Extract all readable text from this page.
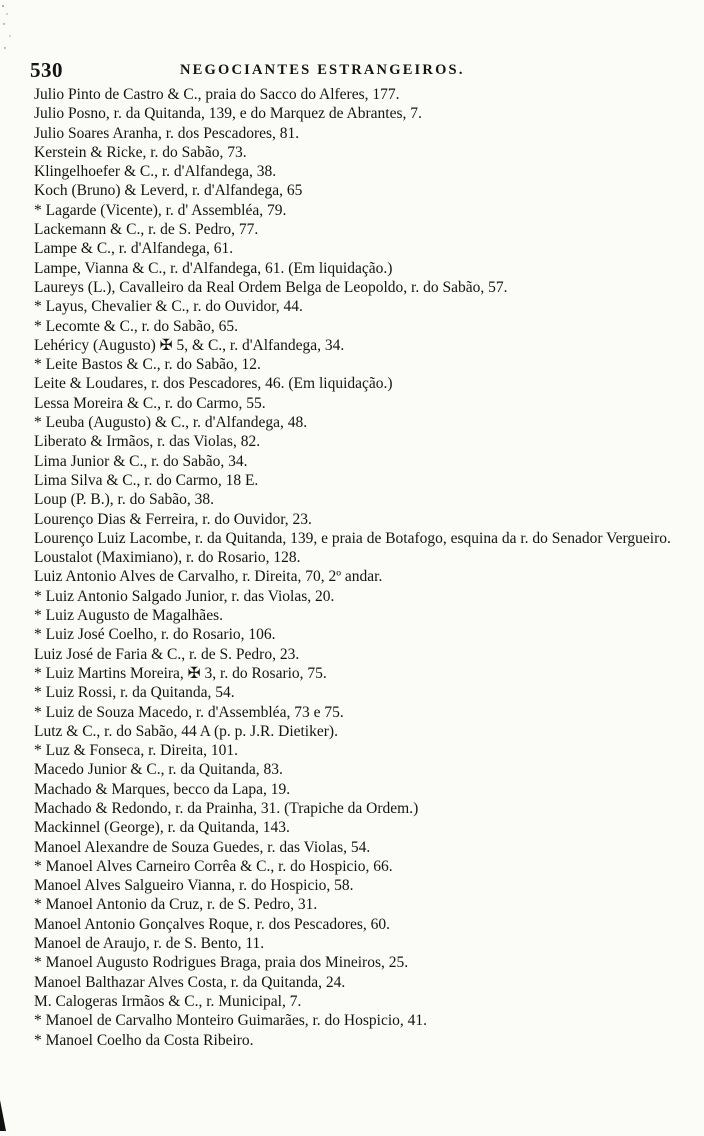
530	NEGOCIANTES ESTRANGEIROS.
Julio Pinto de Castro & C., praia do Sacco do Alferes, 177.
Julio Posno, r. da Quitanda, 139, e do Marquez de Abrantes, 7.
Julio Soares Aranha, r. dos Pescadores, 81.
Kerstein & Ricke, r. do Sabão, 73.
Klingelhoefer & C., r. d'Alfandega, 38.
Koch (Bruno) & Leverd, r. d'Alfandega, 65
* Lagarde (Vicente), r. d' Assembléa, 79.
Lackemann & C., r. de S. Pedro, 77.
Lampe & C., r. d'Alfandega, 61.
Lampe, Vianna & C., r. d'Alfandega, 61. (Em liquidação.)
Laureys (L.), Cavalleiro da Real Ordem Belga de Leopoldo, r. do Sabão, 57.
* Layus, Chevalier & C., r. do Ouvidor, 44.
* Lecomte & C., r. do Sabão, 65.
Lehéricy (Augusto) ✠ 5, & C., r. d'Alfandega, 34.
* Leite Bastos & C., r. do Sabão, 12.
Leite & Loudares, r. dos Pescadores, 46. (Em liquidação.)
Lessa Moreira & C., r. do Carmo, 55.
* Leuba (Augusto) & C., r. d'Alfandega, 48.
Liberato & Irmãos, r. das Violas, 82.
Lima Junior & C., r. do Sabão, 34.
Lima Silva & C., r. do Carmo, 18 E.
Loup (P. B.), r. do Sabão, 38.
Lourenço Dias & Ferreira, r. do Ouvidor, 23.
Lourenço Luiz Lacombe, r. da Quitanda, 139, e praia de Botafogo, esquina da r. do Senador Vergueiro.
Loustalot (Maximiano), r. do Rosario, 128.
Luiz Antonio Alves de Carvalho, r. Direita, 70, 2º andar.
* Luiz Antonio Salgado Junior, r. das Violas, 20.
* Luiz Augusto de Magalhães.
* Luiz José Coelho, r. do Rosario, 106.
Luiz José de Faria & C., r. de S. Pedro, 23.
* Luiz Martins Moreira, ✠ 3, r. do Rosario, 75.
* Luiz Rossi, r. da Quitanda, 54.
* Luiz de Souza Macedo, r. d'Assembléa, 73 e 75.
Lutz & C., r. do Sabão, 44 A (p. p. J.R. Dietiker).
* Luz & Fonseca, r. Direita, 101.
Macedo Junior & C., r. da Quitanda, 83.
Machado & Marques, becco da Lapa, 19.
Machado & Redondo, r. da Prainha, 31. (Trapiche da Ordem.)
Mackinnel (George), r. da Quitanda, 143.
Manoel Alexandre de Souza Guedes, r. das Violas, 54.
* Manoel Alves Carneiro Corrêa & C., r. do Hospicio, 66.
Manoel Alves Salgueiro Vianna, r. do Hospicio, 58.
* Manoel Antonio da Cruz, r. de S. Pedro, 31.
Manoel Antonio Gonçalves Roque, r. dos Pescadores, 60.
Manoel de Araujo, r. de S. Bento, 11.
* Manoel Augusto Rodrigues Braga, praia dos Mineiros, 25.
Manoel Balthazar Alves Costa, r. da Quitanda, 24.
M. Calogeras Irmãos & C., r. Municipal, 7.
* Manoel de Carvalho Monteiro Guimarães, r. do Hospicio, 41.
* Manoel Coelho da Costa Ribeiro.
